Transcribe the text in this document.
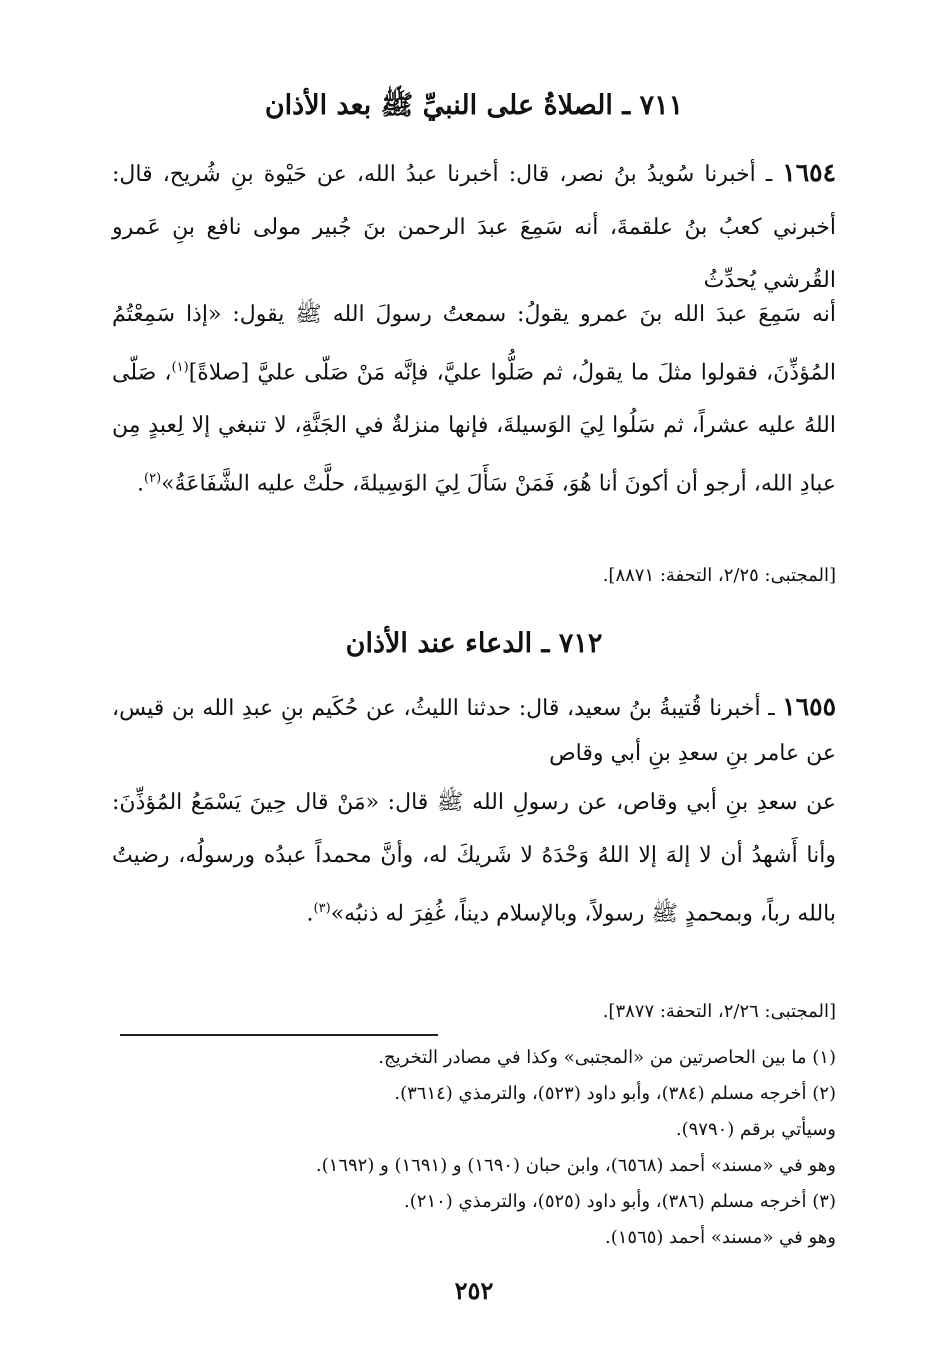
٧١١ ـ الصلاةُ على النبيِّ ﷺ بعد الأذان
١٦٥٤ ـ أخبرنا سُويدُ بنُ نصر، قال: أخبرنا عبدُ الله، عن حَيْوة بنِ شُريح، قال: أخبرني كعبُ بنُ علقمةَ، أنه سَمِعَ عبدَ الرحمن بنَ جُبير مولى نافع بنِ عَمرو القُرشي يُحدِّثُ
أنه سَمِعَ عبدَ الله بنَ عمرو يقولُ: سمعتُ رسولَ الله ﷺ يقول: «إذا سَمِعْتُمُ المُؤذِّنَ، فقولوا مثلَ ما يقولُ، ثم صَلُّوا عليَّ، فإنَّه مَنْ صَلّى عليَّ [صلاةً]$^{(١)}$، صَلّى اللهُ عليه عشراً، ثم سَلُوا لِيَ الوَسيلةَ، فإنها منزلةٌ في الجَنَّةِ، لا تنبغي إلا لِعبدٍ مِن عبادِ الله، أرجو أن أكونَ أنا هُوَ، فَمَنْ سَأَلَ لِيَ الوَسِيلةَ، حلَّتْ عليه الشَّفَاعَةُ»$^{(٢)}$.
[المجتبى: ٢/٢٥، التحفة: ٨٨٧١].
٧١٢ ـ الدعاء عند الأذان
١٦٥٥ ـ أخبرنا قُتيبةُ بنُ سعيد، قال: حدثنا الليثُ، عن حُكَيم بنِ عبدِ الله بن قيس، عن عامر بنِ سعدِ بنِ أبي وقاص
عن سعدِ بنِ أبي وقاص، عن رسولِ الله ﷺ قال: «مَنْ قال حِينَ يَسْمَعُ المُؤذِّنَ: وأنا أَشهدُ أن لا إلهَ إلا اللهُ وَحْدَهُ لا شَريكَ له، وأنَّ محمداً عبدُه ورسولُه، رضيتُ بالله رباً، وبمحمدٍ ﷺ رسولاً، وبالإسلام ديناً، غُفِرَ له ذنبُه»$^{(٣)}$.
[المجتبى: ٢/٢٦، التحفة: ٣٨٧٧].
(١) ما بين الحاصرتين من «المجتبى» وكذا في مصادر التخريج.
(٢) أخرجه مسلم (٣٨٤)، وأبو داود (٥٢٣)، والترمذي (٣٦١٤).
وسيأتي برقم (٩٧٩٠).
وهو في «مسند» أحمد (٦٥٦٨)، وابن حبان (١٦٩٠) و (١٦٩١) و (١٦٩٢).
(٣) أخرجه مسلم (٣٨٦)، وأبو داود (٥٢٥)، والترمذي (٢١٠).
وهو في «مسند» أحمد (١٥٦٥).
٢٥٢
